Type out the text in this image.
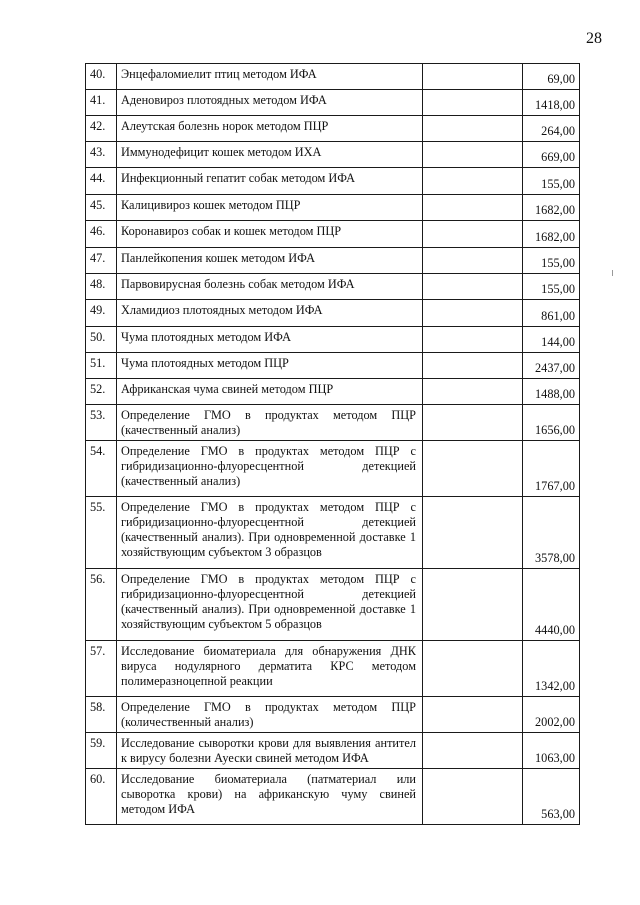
28
40.	Энцефаломиелит птиц методом ИФА		69,00
41.	Аденовироз плотоядных методом ИФА		1418,00
42.	Алеутская болезнь норок методом ПЦР		264,00
43.	Иммунодефицит кошек методом ИХА		669,00
44.	Инфекционный гепатит собак методом ИФА		155,00
45.	Калицивироз кошек методом ПЦР		1682,00
46.	Коронавироз собак и кошек методом ПЦР		1682,00
47.	Панлейкопения кошек методом ИФА		155,00
48.	Парвовирусная болезнь собак методом ИФА		155,00
49.	Хламидиоз плотоядных методом ИФА		861,00
50.	Чума плотоядных методом ИФА		144,00
51.	Чума плотоядных методом ПЦР		2437,00
52.	Африканская чума свиней методом ПЦР		1488,00
53.	Определение ГМО в продуктах методом ПЦР (качественный анализ)		1656,00
54.	Определение ГМО в продуктах методом ПЦР с гибридизационно-флуоресцентной детекцией (качественный анализ)		1767,00
55.	Определение ГМО в продуктах методом ПЦР с гибридизационно-флуоресцентной детекцией (качественный анализ). При одновременной доставке 1 хозяйствующим субъектом 3 образцов		3578,00
56.	Определение ГМО в продуктах методом ПЦР с гибридизационно-флуоресцентной детекцией (качественный анализ). При одновременной доставке 1 хозяйствующим субъектом 5 образцов		4440,00
57.	Исследование биоматериала для обнаружения ДНК вируса нодулярного дерматита КРС методом полимеразноцепной реакции		1342,00
58.	Определение ГМО в продуктах методом ПЦР (количественный анализ)		2002,00
59.	Исследование сыворотки крови для выявления антител к вирусу болезни Ауески свиней методом ИФА		1063,00
60.	Исследование биоматериала (патматериал или сыворотка крови) на африканскую чуму свиней методом ИФА		563,00
